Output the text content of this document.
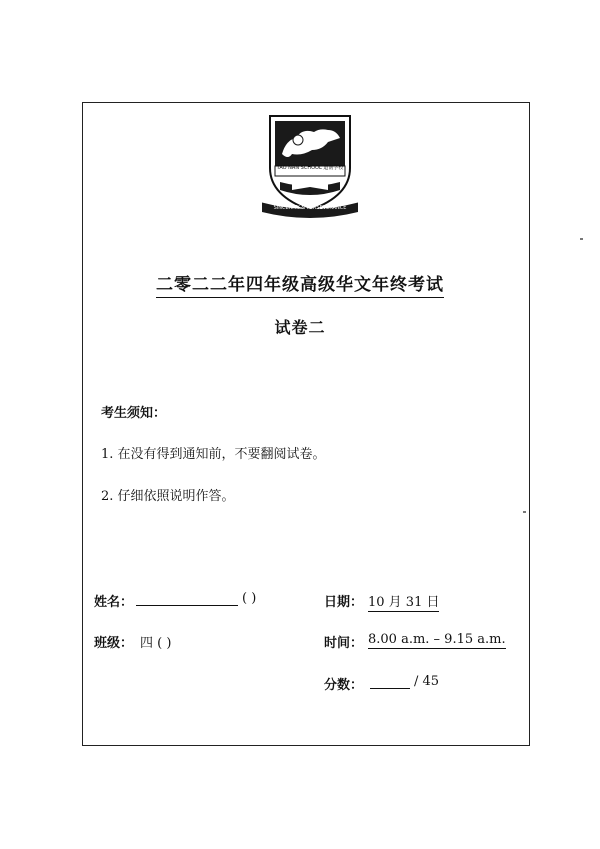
TAO NAN SCHOOL 道南学校
SINCERITY & PERSEVERANCE
二零二二年四年级高级华文年终考试
试卷二
考生须知：
1. 在没有得到通知前，不要翻阅试卷。
2. 仔细依照说明作答。
姓名：	( )
班级： 四 ( )
日期： 10 月 31 日
时间： 8.00 a.m. – 9.15 a.m.
分数：	/ 45
